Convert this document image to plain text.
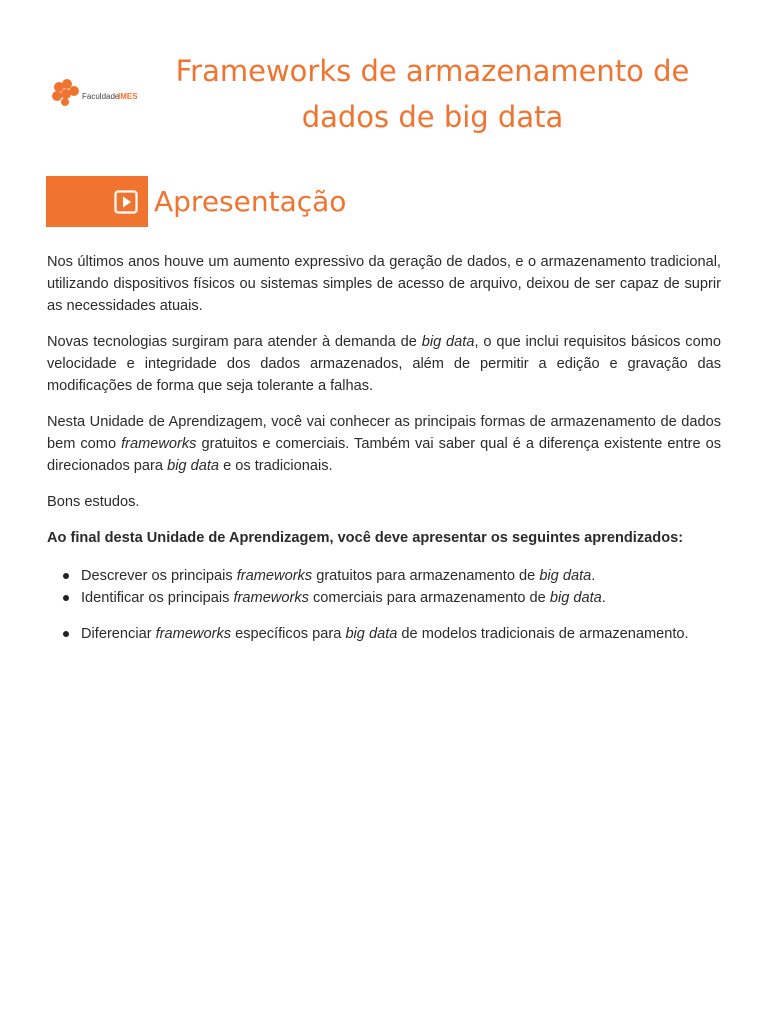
Faculdade
IMES
Frameworks de armazenamento de
dados de big data
Apresentação

Nos últimos anos houve um aumento expressivo da geração de dados, e o armazenamento tradicional, utilizando dispositivos físicos ou sistemas simples de acesso de arquivo, deixou de ser capaz de suprir as necessidades atuais.

Novas tecnologias surgiram para atender à demanda de big data, o que inclui requisitos básicos como velocidade e integridade dos dados armazenados, além de permitir a edição e gravação das modificações de forma que seja tolerante a falhas.

Nesta Unidade de Aprendizagem, você vai conhecer as principais formas de armazenamento de dados bem como frameworks gratuitos e comerciais. Também vai saber qual é a diferença existente entre os direcionados para big data e os tradicionais.

Bons estudos.

Ao final desta Unidade de Aprendizagem, você deve apresentar os seguintes aprendizados:

Descrever os principais frameworks gratuitos para armazenamento de big data.
Identificar os principais frameworks comerciais para armazenamento de big data.
Diferenciar frameworks específicos para big data de modelos tradicionais de armazenamento.
